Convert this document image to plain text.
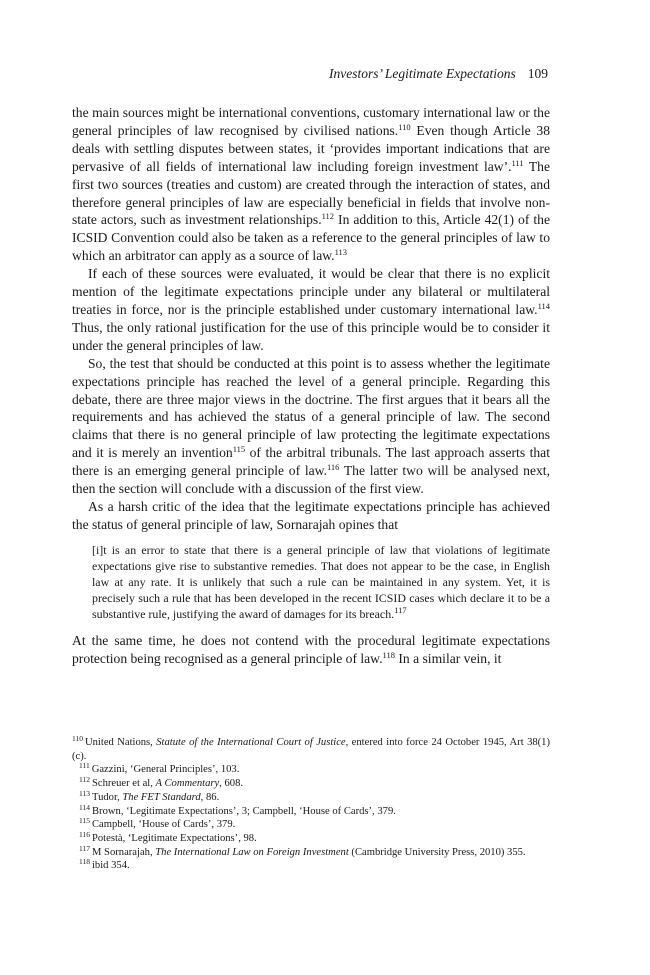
Investors’ Legitimate Expectations 109

the main sources might be international conventions, customary international law or the general principles of law recognised by civilised nations.$^{110}$ Even though Article 38 deals with settling disputes between states, it ‘provides important indications that are pervasive of all fields of international law including foreign investment law’.$^{111}$ The first two sources (treaties and custom) are created through the interaction of states, and therefore general principles of law are especially beneficial in fields that involve non-state actors, such as investment relationships.$^{112}$ In addition to this, Article 42(1) of the ICSID Convention could also be taken as a reference to the general principles of law to which an arbitrator can apply as a source of law.$^{113}$

If each of these sources were evaluated, it would be clear that there is no explicit mention of the legitimate expectations principle under any bilateral or multilateral treaties in force, nor is the principle established under customary international law.$^{114}$ Thus, the only rational justification for the use of this principle would be to consider it under the general principles of law.

So, the test that should be conducted at this point is to assess whether the legitimate expectations principle has reached the level of a general principle. Regarding this debate, there are three major views in the doctrine. The first argues that it bears all the requirements and has achieved the status of a general principle of law. The second claims that there is no general principle of law protecting the legitimate expectations and it is merely an invention$^{115}$ of the arbitral tribunals. The last approach asserts that there is an emerging general principle of law.$^{116}$ The latter two will be analysed next, then the section will conclude with a discussion of the first view.

As a harsh critic of the idea that the legitimate expectations principle has achieved the status of general principle of law, Sornarajah opines that

[i]t is an error to state that there is a general principle of law that violations of legitimate expectations give rise to substantive remedies. That does not appear to be the case, in English law at any rate. It is unlikely that such a rule can be maintained in any system. Yet, it is precisely such a rule that has been developed in the recent ICSID cases which declare it to be a substantive rule, justifying the award of damages for its breach.$^{117}$

At the same time, he does not contend with the procedural legitimate expectations protection being recognised as a general principle of law.$^{118}$ In a similar vein, it

$^{110}$ United Nations, Statute of the International Court of Justice, entered into force 24 October 1945, Art 38(1)(c).

$^{111}$ Gazzini, ‘General Principles’, 103.

$^{112}$ Schreuer et al, A Commentary, 608.

$^{113}$ Tudor, The FET Standard, 86.

$^{114}$ Brown, ‘Legitimate Expectations’, 3; Campbell, ‘House of Cards’, 379.

$^{115}$ Campbell, ‘House of Cards’, 379.

$^{116}$ Potestà, ‘Legitimate Expectations’, 98.

$^{117}$ M Sornarajah, The International Law on Foreign Investment (Cambridge University Press, 2010) 355.

$^{118}$ ibid 354.
